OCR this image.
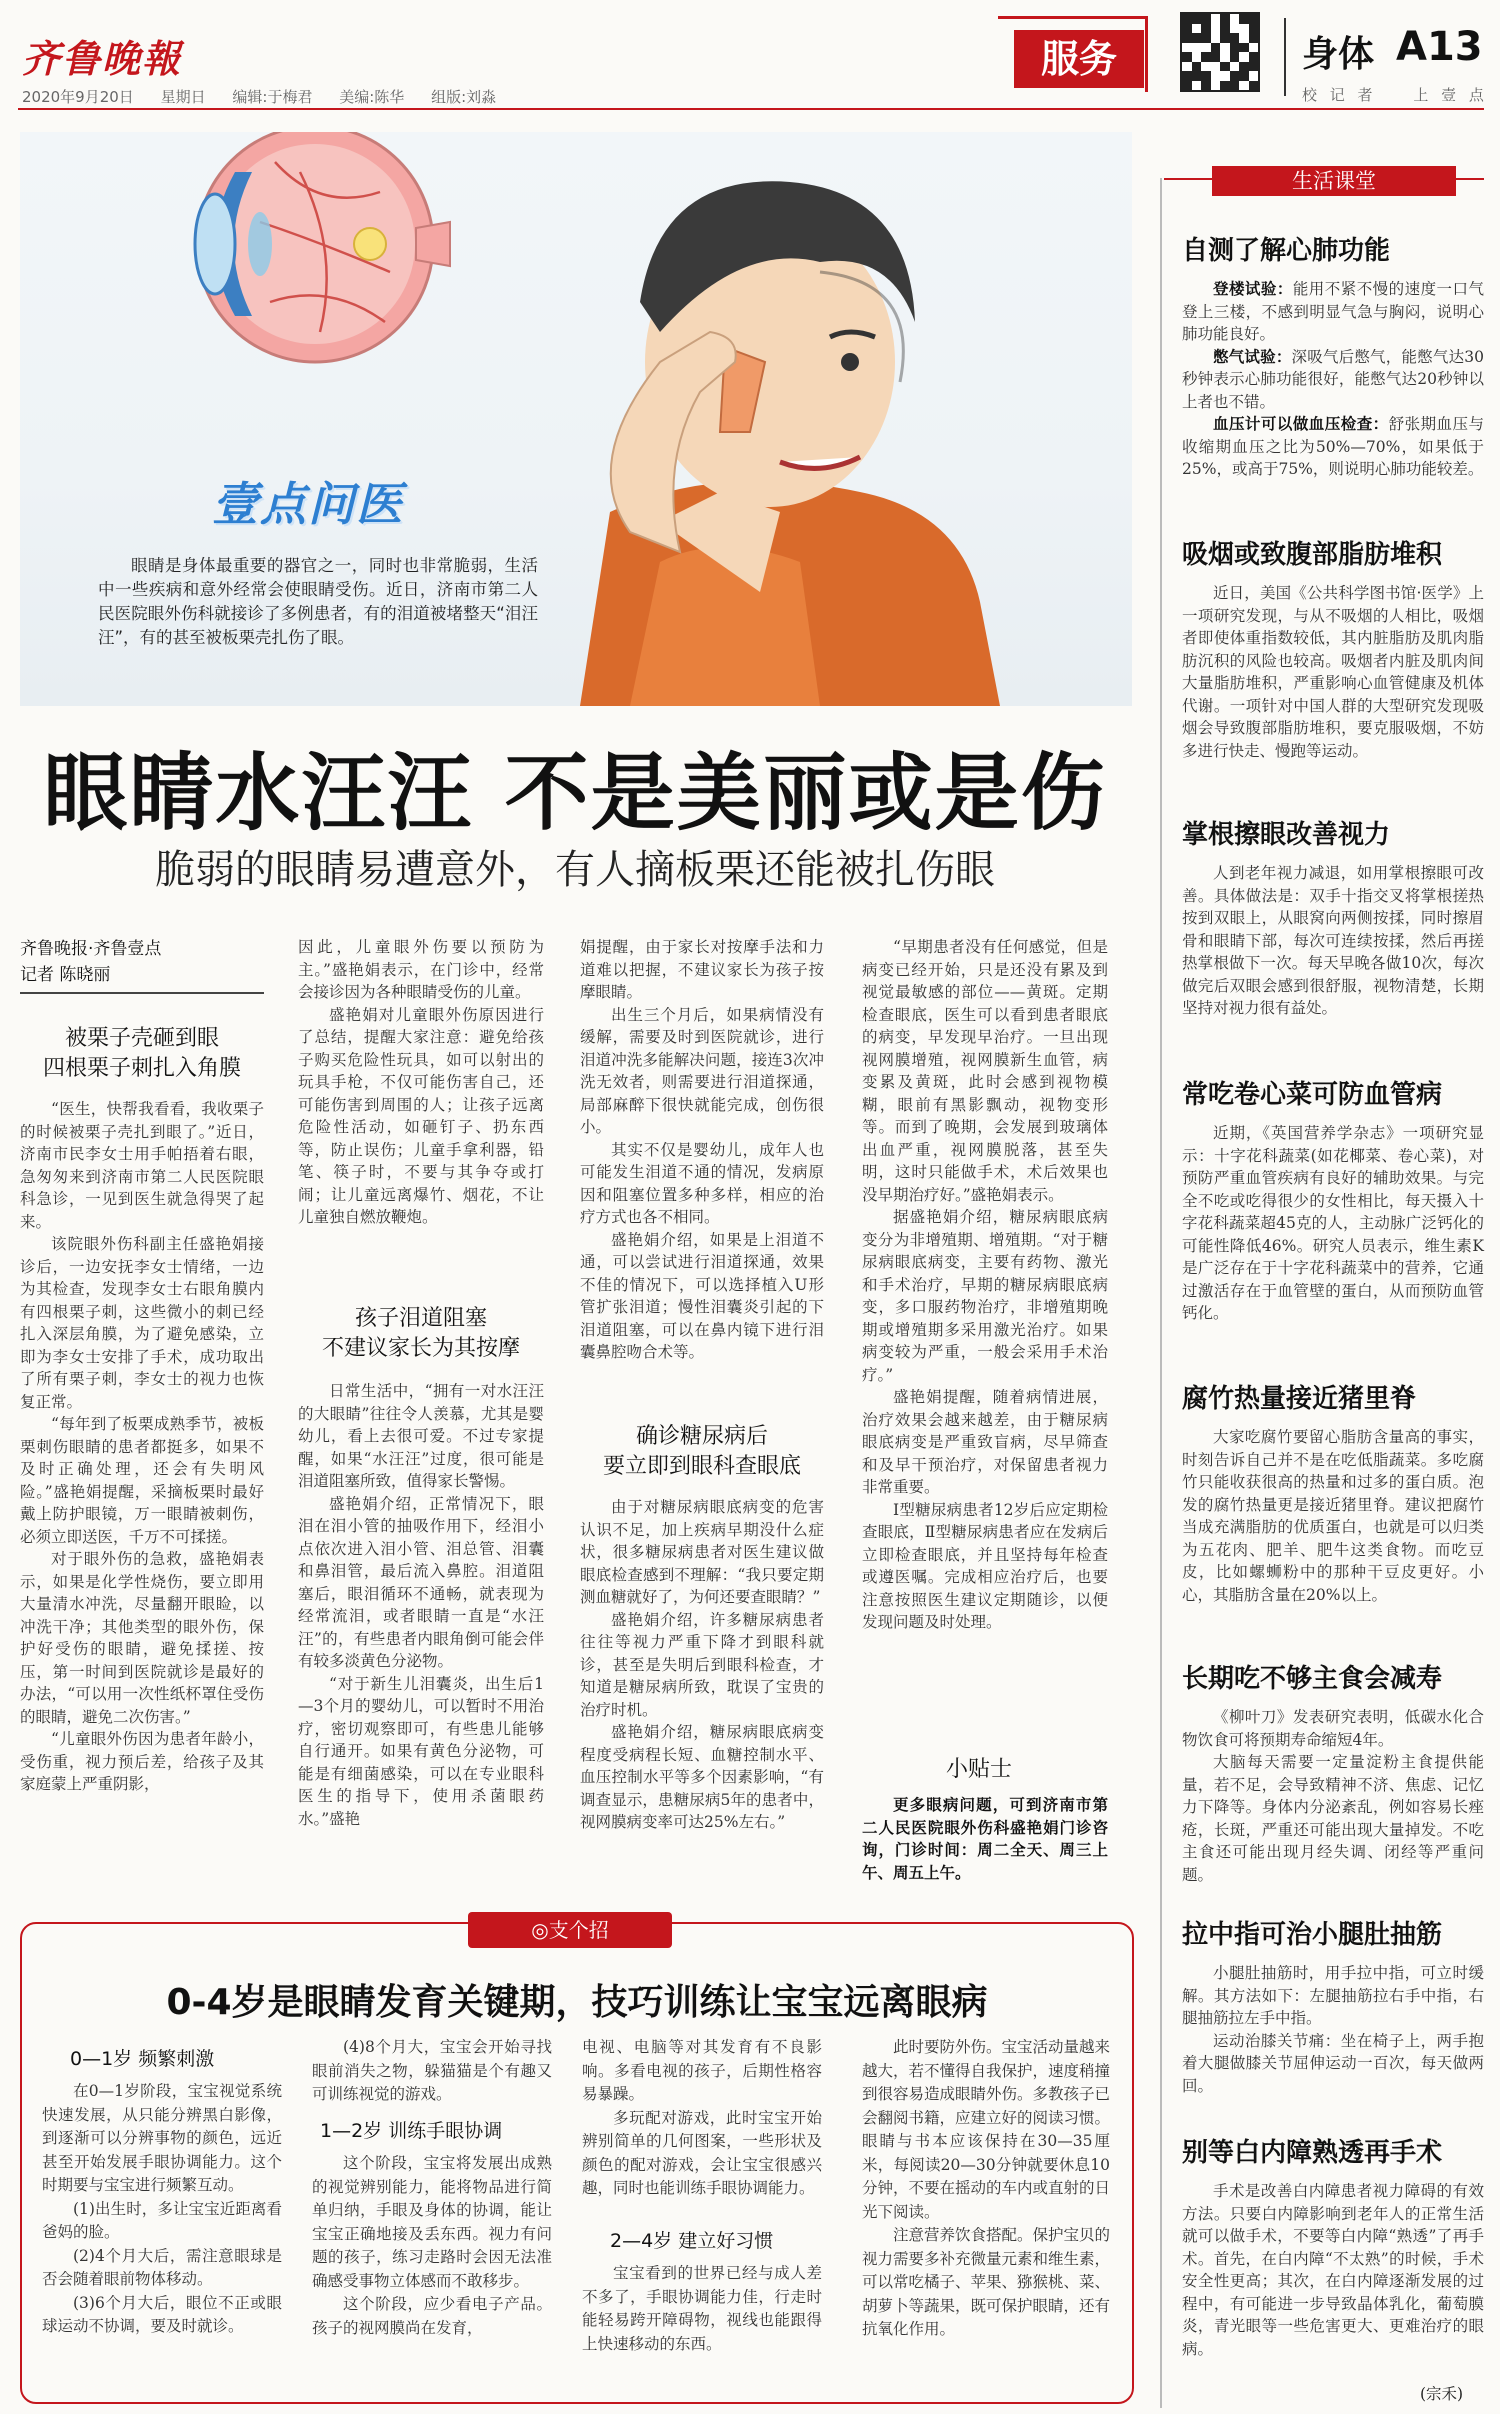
齐鲁晚報
2020年9月20日 星期日 编辑:于梅君 美编:陈华 组版:刘淼
服务	身体 A13
校 记 者 上 壹 点
壹点问医
眼睛是身体最重要的器官之一，同时也非常脆弱，生活中一些疾病和意外经常会使眼睛受伤。近日，济南市第二人民医院眼外伤科就接诊了多例患者，有的泪道被堵整天“泪汪汪”，有的甚至被板栗壳扎伤了眼。
眼睛水汪汪 不是美丽或是伤
脆弱的眼睛易遭意外，有人摘板栗还能被扎伤眼
齐鲁晚报·齐鲁壹点
记者 陈晓丽
被栗子壳砸到眼
四根栗子刺扎入角膜

“医生，快帮我看看，我收栗子的时候被栗子壳扎到眼了。”近日，济南市民李女士用手帕捂着右眼，急匆匆来到济南市第二人民医院眼科急诊，一见到医生就急得哭了起来。

该院眼外伤科副主任盛艳娟接诊后，一边安抚李女士情绪，一边为其检查，发现李女士右眼角膜内有四根栗子刺，这些微小的刺已经扎入深层角膜，为了避免感染，立即为李女士安排了手术，成功取出了所有栗子刺，李女士的视力也恢复正常。

“每年到了板栗成熟季节，被板栗刺伤眼睛的患者都挺多，如果不及时正确处理，还会有失明风险。”盛艳娟提醒，采摘板栗时最好戴上防护眼镜，万一眼睛被刺伤，必须立即送医，千万不可揉搓。

对于眼外伤的急救，盛艳娟表示，如果是化学性烧伤，要立即用大量清水冲洗，尽量翻开眼睑，以冲洗干净；其他类型的眼外伤，保护好受伤的眼睛，避免揉搓、按压，第一时间到医院就诊是最好的办法，“可以用一次性纸杯罩住受伤的眼睛，避免二次伤害。”

“儿童眼外伤因为患者年龄小，受伤重，视力预后差，给孩子及其家庭蒙上严重阴影，

因此，儿童眼外伤要以预防为主。”盛艳娟表示，在门诊中，经常会接诊因为各种眼睛受伤的儿童。

盛艳娟对儿童眼外伤原因进行了总结，提醒大家注意：避免给孩子购买危险性玩具，如可以射出的玩具手枪，不仅可能伤害自己，还可能伤害到周围的人；让孩子远离危险性活动，如砸钉子、扔东西等，防止误伤；儿童手拿利器，铅笔、筷子时，不要与其争夺或打闹；让儿童远离爆竹、烟花，不让儿童独自燃放鞭炮。

孩子泪道阻塞
不建议家长为其按摩

日常生活中，“拥有一对水汪汪的大眼睛”往往令人羡慕，尤其是婴幼儿，看上去很可爱。不过专家提醒，如果“水汪汪”过度，很可能是泪道阻塞所致，值得家长警惕。

盛艳娟介绍，正常情况下，眼泪在泪小管的抽吸作用下，经泪小点依次进入泪小管、泪总管、泪囊和鼻泪管，最后流入鼻腔。泪道阻塞后，眼泪循环不通畅，就表现为经常流泪，或者眼睛一直是“水汪汪”的，有些患者内眼角倒可能会伴有较多淡黄色分泌物。

“对于新生儿泪囊炎，出生后1—3个月的婴幼儿，可以暂时不用治疗，密切观察即可，有些患儿能够自行通开。如果有黄色分泌物，可能是有细菌感染，可以在专业眼科医生的指导下，使用杀菌眼药水。”盛艳

娟提醒，由于家长对按摩手法和力道难以把握，不建议家长为孩子按摩眼睛。

出生三个月后，如果病情没有缓解，需要及时到医院就诊，进行泪道冲洗多能解决问题，接连3次冲洗无效者，则需要进行泪道探通，局部麻醉下很快就能完成，创伤很小。

其实不仅是婴幼儿，成年人也可能发生泪道不通的情况，发病原因和阻塞位置多种多样，相应的治疗方式也各不相同。

盛艳娟介绍，如果是上泪道不通，可以尝试进行泪道探通，效果不佳的情况下，可以选择植入U形管扩张泪道；慢性泪囊炎引起的下泪道阻塞，可以在鼻内镜下进行泪囊鼻腔吻合术等。

确诊糖尿病后
要立即到眼科查眼底

由于对糖尿病眼底病变的危害认识不足，加上疾病早期没什么症状，很多糖尿病患者对医生建议做眼底检查感到不理解：“我只要定期测血糖就好了，为何还要查眼睛？”

盛艳娟介绍，许多糖尿病患者往往等视力严重下降才到眼科就诊，甚至是失明后到眼科检查，才知道是糖尿病所致，耽误了宝贵的治疗时机。

盛艳娟介绍，糖尿病眼底病变程度受病程长短、血糖控制水平、血压控制水平等多个因素影响，“有调查显示，患糖尿病5年的患者中，视网膜病变率可达25%左右。”

“早期患者没有任何感觉，但是病变已经开始，只是还没有累及到视觉最敏感的部位——黄斑。定期检查眼底，医生可以看到患者眼底的病变，早发现早治疗。一旦出现视网膜增殖，视网膜新生血管，病变累及黄斑，此时会感到视物模糊，眼前有黑影飘动，视物变形等。而到了晚期，会发展到玻璃体出血严重，视网膜脱落，甚至失明，这时只能做手术，术后效果也没早期治疗好。”盛艳娟表示。

据盛艳娟介绍，糖尿病眼底病变分为非增殖期、增殖期。“对于糖尿病眼底病变，主要有药物、激光和手术治疗，早期的糖尿病眼底病变，多口服药物治疗，非增殖期晚期或增殖期多采用激光治疗。如果病变较为严重，一般会采用手术治疗。”

盛艳娟提醒，随着病情进展，治疗效果会越来越差，由于糖尿病眼底病变是严重致盲病，尽早筛查和及早干预治疗，对保留患者视力非常重要。

Ⅰ型糖尿病患者12岁后应定期检查眼底，Ⅱ型糖尿病患者应在发病后立即检查眼底，并且坚持每年检查或遵医嘱。完成相应治疗后，也要注意按照医生建议定期随诊，以便发现问题及时处理。

小贴士
更多眼病问题，可到济南市第二人民医院眼外伤科盛艳娟门诊咨询，门诊时间：周二全天、周三上午、周五上午。
◎支个招
0-4岁是眼睛发育关键期，技巧训练让宝宝远离眼病
0—1岁 频繁刺激

在0—1岁阶段，宝宝视觉系统快速发展，从只能分辨黑白影像，到逐渐可以分辨事物的颜色，远近甚至开始发展手眼协调能力。这个时期要与宝宝进行频繁互动。

(1)出生时，多让宝宝近距离看爸妈的脸。

(2)4个月大后，需注意眼球是否会随着眼前物体移动。

(3)6个月大后，眼位不正或眼球运动不协调，要及时就诊。

(4)8个月大，宝宝会开始寻找眼前消失之物，躲猫猫是个有趣又可训练视觉的游戏。

1—2岁 训练手眼协调

这个阶段，宝宝将发展出成熟的视觉辨别能力，能将物品进行简单归纳，手眼及身体的协调，能让宝宝正确地接及丢东西。视力有问题的孩子，练习走路时会因无法准确感受事物立体感而不敢移步。

这个阶段，应少看电子产品。孩子的视网膜尚在发育，

电视、电脑等对其发育有不良影响。多看电视的孩子，后期性格容易暴躁。

多玩配对游戏，此时宝宝开始辨别简单的几何图案，一些形状及颜色的配对游戏，会让宝宝很感兴趣，同时也能训练手眼协调能力。

2—4岁 建立好习惯

宝宝看到的世界已经与成人差不多了，手眼协调能力佳，行走时能轻易跨开障碍物，视线也能跟得上快速移动的东西。

此时要防外伤。宝宝活动量越来越大，若不懂得自我保护，速度稍撞到很容易造成眼睛外伤。多教孩子已会翻阅书籍，应建立好的阅读习惯。眼睛与书本应该保持在30—35厘米，每阅读20—30分钟就要休息10分钟，不要在摇动的车内或直射的日光下阅读。

注意营养饮食搭配。保护宝贝的视力需要多补充微量元素和维生素，可以常吃橘子、苹果、猕猴桃、菜、胡萝卜等蔬果，既可保护眼睛，还有抗氧化作用。

生活课堂
自测了解心肺功能

登楼试验：能用不紧不慢的速度一口气登上三楼，不感到明显气急与胸闷，说明心肺功能良好。

憋气试验：深吸气后憋气，能憋气达30秒钟表示心肺功能很好，能憋气达20秒钟以上者也不错。

血压计可以做血压检查：舒张期血压与收缩期血压之比为50%—70%，如果低于25%，或高于75%，则说明心肺功能较差。

吸烟或致腹部脂肪堆积
近日，美国《公共科学图书馆·医学》上一项研究发现，与从不吸烟的人相比，吸烟者即使体重指数较低，其内脏脂肪及肌肉脂肪沉积的风险也较高。吸烟者内脏及肌肉间大量脂肪堆积，严重影响心血管健康及机体代谢。一项针对中国人群的大型研究发现吸烟会导致腹部脂肪堆积，要克服吸烟，不妨多进行快走、慢跑等运动。
掌根擦眼改善视力
人到老年视力减退，如用掌根擦眼可改善。具体做法是：双手十指交叉将掌根搓热按到双眼上，从眼窝向两侧按揉，同时擦眉骨和眼睛下部，每次可连续按揉，然后再搓热掌根做下一次。每天早晚各做10次，每次做完后双眼会感到很舒服，视物清楚，长期坚持对视力很有益处。
常吃卷心菜可防血管病
近期，《英国营养学杂志》一项研究显示：十字花科蔬菜(如花椰菜、卷心菜)，对预防严重血管疾病有良好的辅助效果。与完全不吃或吃得很少的女性相比，每天摄入十字花科蔬菜超45克的人，主动脉广泛钙化的可能性降低46%。研究人员表示，维生素K是广泛存在于十字花科蔬菜中的营养，它通过激活存在于血管壁的蛋白，从而预防血管钙化。
腐竹热量接近猪里脊
大家吃腐竹要留心脂肪含量高的事实，时刻告诉自己并不是在吃低脂蔬菜。多吃腐竹只能收获很高的热量和过多的蛋白质。泡发的腐竹热量更是接近猪里脊。建议把腐竹当成充满脂肪的优质蛋白，也就是可以归类为五花肉、肥羊、肥牛这类食物。而吃豆皮，比如螺蛳粉中的那种干豆皮更好。小心，其脂肪含量在20%以上。
长期吃不够主食会减寿

《柳叶刀》发表研究表明，低碳水化合物饮食可将预期寿命缩短4年。

大脑每天需要一定量淀粉主食提供能量，若不足，会导致精神不济、焦虑、记忆力下降等。身体内分泌紊乱，例如容易长痤疮，长斑，严重还可能出现大量掉发。不吃主食还可能出现月经失调、闭经等严重问题。

拉中指可治小腿肚抽筋

小腿肚抽筋时，用手拉中指，可立时缓解。其方法如下：左腿抽筋拉右手中指，右腿抽筋拉左手中指。

运动治膝关节痛：坐在椅子上，两手抱着大腿做膝关节屈伸运动一百次，每天做两回。

别等白内障熟透再手术
手术是改善白内障患者视力障碍的有效方法。只要白内障影响到老年人的正常生活就可以做手术，不要等白内障“熟透”了再手术。首先，在白内障“不太熟”的时候，手术安全性更高；其次，在白内障逐渐发展的过程中，有可能进一步导致晶体乳化，葡萄膜炎，青光眼等一些危害更大、更难治疗的眼病。
(宗禾)
